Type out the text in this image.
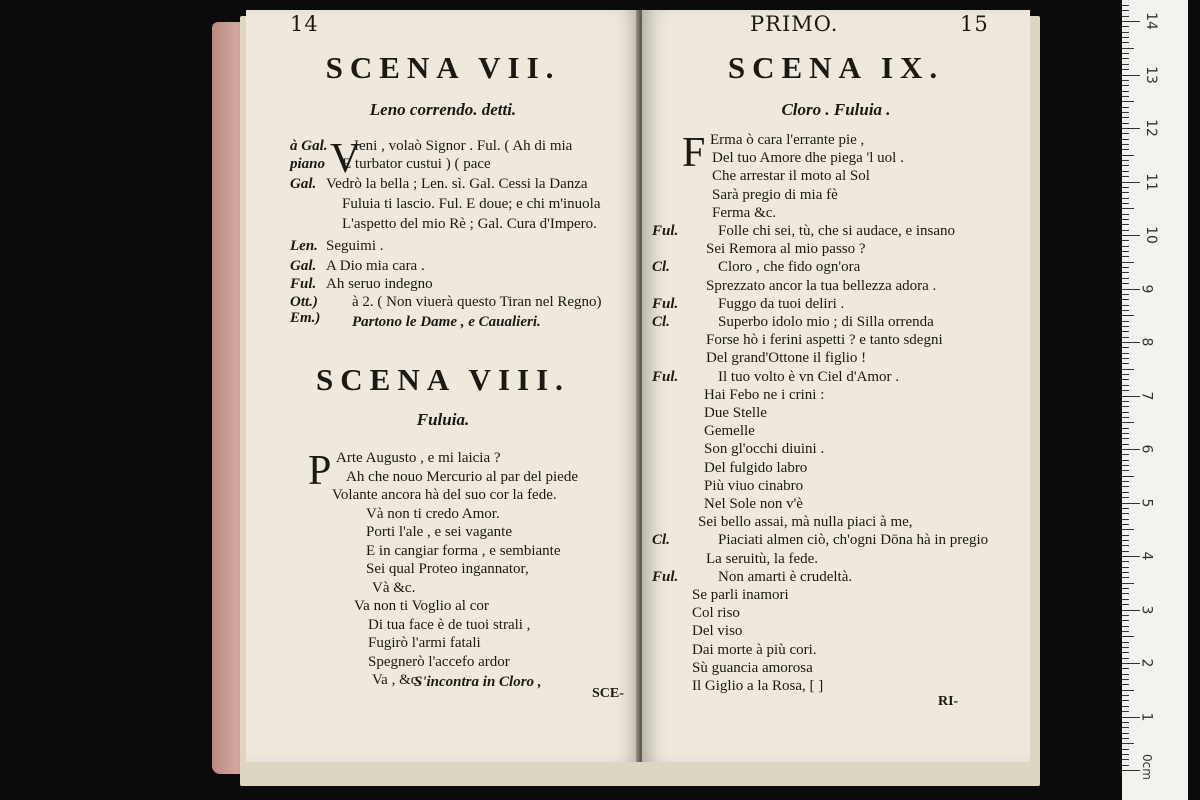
14
SCENA VII.
Leno correndo. detti.
V
à Gal. Ieni , volaò Signor . Ful. ( Ah di mia
piano E turbator custui ) ( pace
Gal. Vedrò la bella ; Len. sì. Gal. Cessi la Danza
Fuluia ti lascio. Ful. E doue; e chi m'inuola
L'aspetto del mio Rè ; Gal. Cura d'Impero.
Len. Seguimi .
Gal. A Dio mia cara .
Ful. Ah seruo indegno
Ott.) à 2. ( Non viuerà questo Tiran nel Regno)
Em.) Partono le Dame , e Caualieri.
SCENA VIII.
Fuluia.
P Arte Augusto , e mi laicia ?
Ah che nouo Mercurio al par del piede
Volante ancora hà del suo cor la fede.
Và non ti credo Amor.
Porti l'ale , e sei vagante
E in cangiar forma , e sembiante
Sei qual Proteo ingannator,
Và &c.
Va non ti Voglio al cor
Di tua face è de tuoi strali ,
Fugirò l'armi fatali
Spegnerò l'accefo ardor
Va , &c.
S'incontra in Cloro ,
SCE-
PRIMO.	15
SCENA IX.
Cloro . Fuluia .
F Erma ò cara l'errante pie ,
Del tuo Amore dhe piega 'l uol .
Che arrestar il moto al Sol
Sarà pregio di mia fè
Ferma &c.
Ful.	Folle chi sei, tù, che si audace, e insano
Sei Remora al mio passo ?
Cl.	Cloro , che fido ogn'ora
Sprezzato ancor la tua bellezza adora .
Ful.	Fuggo da tuoi deliri .
Cl.	Superbo idolo mio ; di Silla orrenda
Forse hò i ferini aspetti ? e tanto sdegni
Del grand'Ottone il figlio !
Ful.	Il tuo volto è vn Ciel d'Amor .
Hai Febo ne i crini :
Due Stelle
Gemelle
Son gl'occhi diuini .
Del fulgido labro
Più viuo cinabro
Nel Sole non v'è
Sei bello assai, mà nulla piaci à me,
Cl.	Piaciati almen ciò, ch'ogni Dōna hà in pregio
La seruitù, la fede.
Ful.	Non amarti è crudeltà.
Se parli inamori
Col riso
Del viso
Dai morte à più cori.
Sù guancia amorosa
Il Giglio a la Rosa, [ ]
RI-
1
2
3
4
5
6
7
8
9
10
11
12
13
14
0cm
